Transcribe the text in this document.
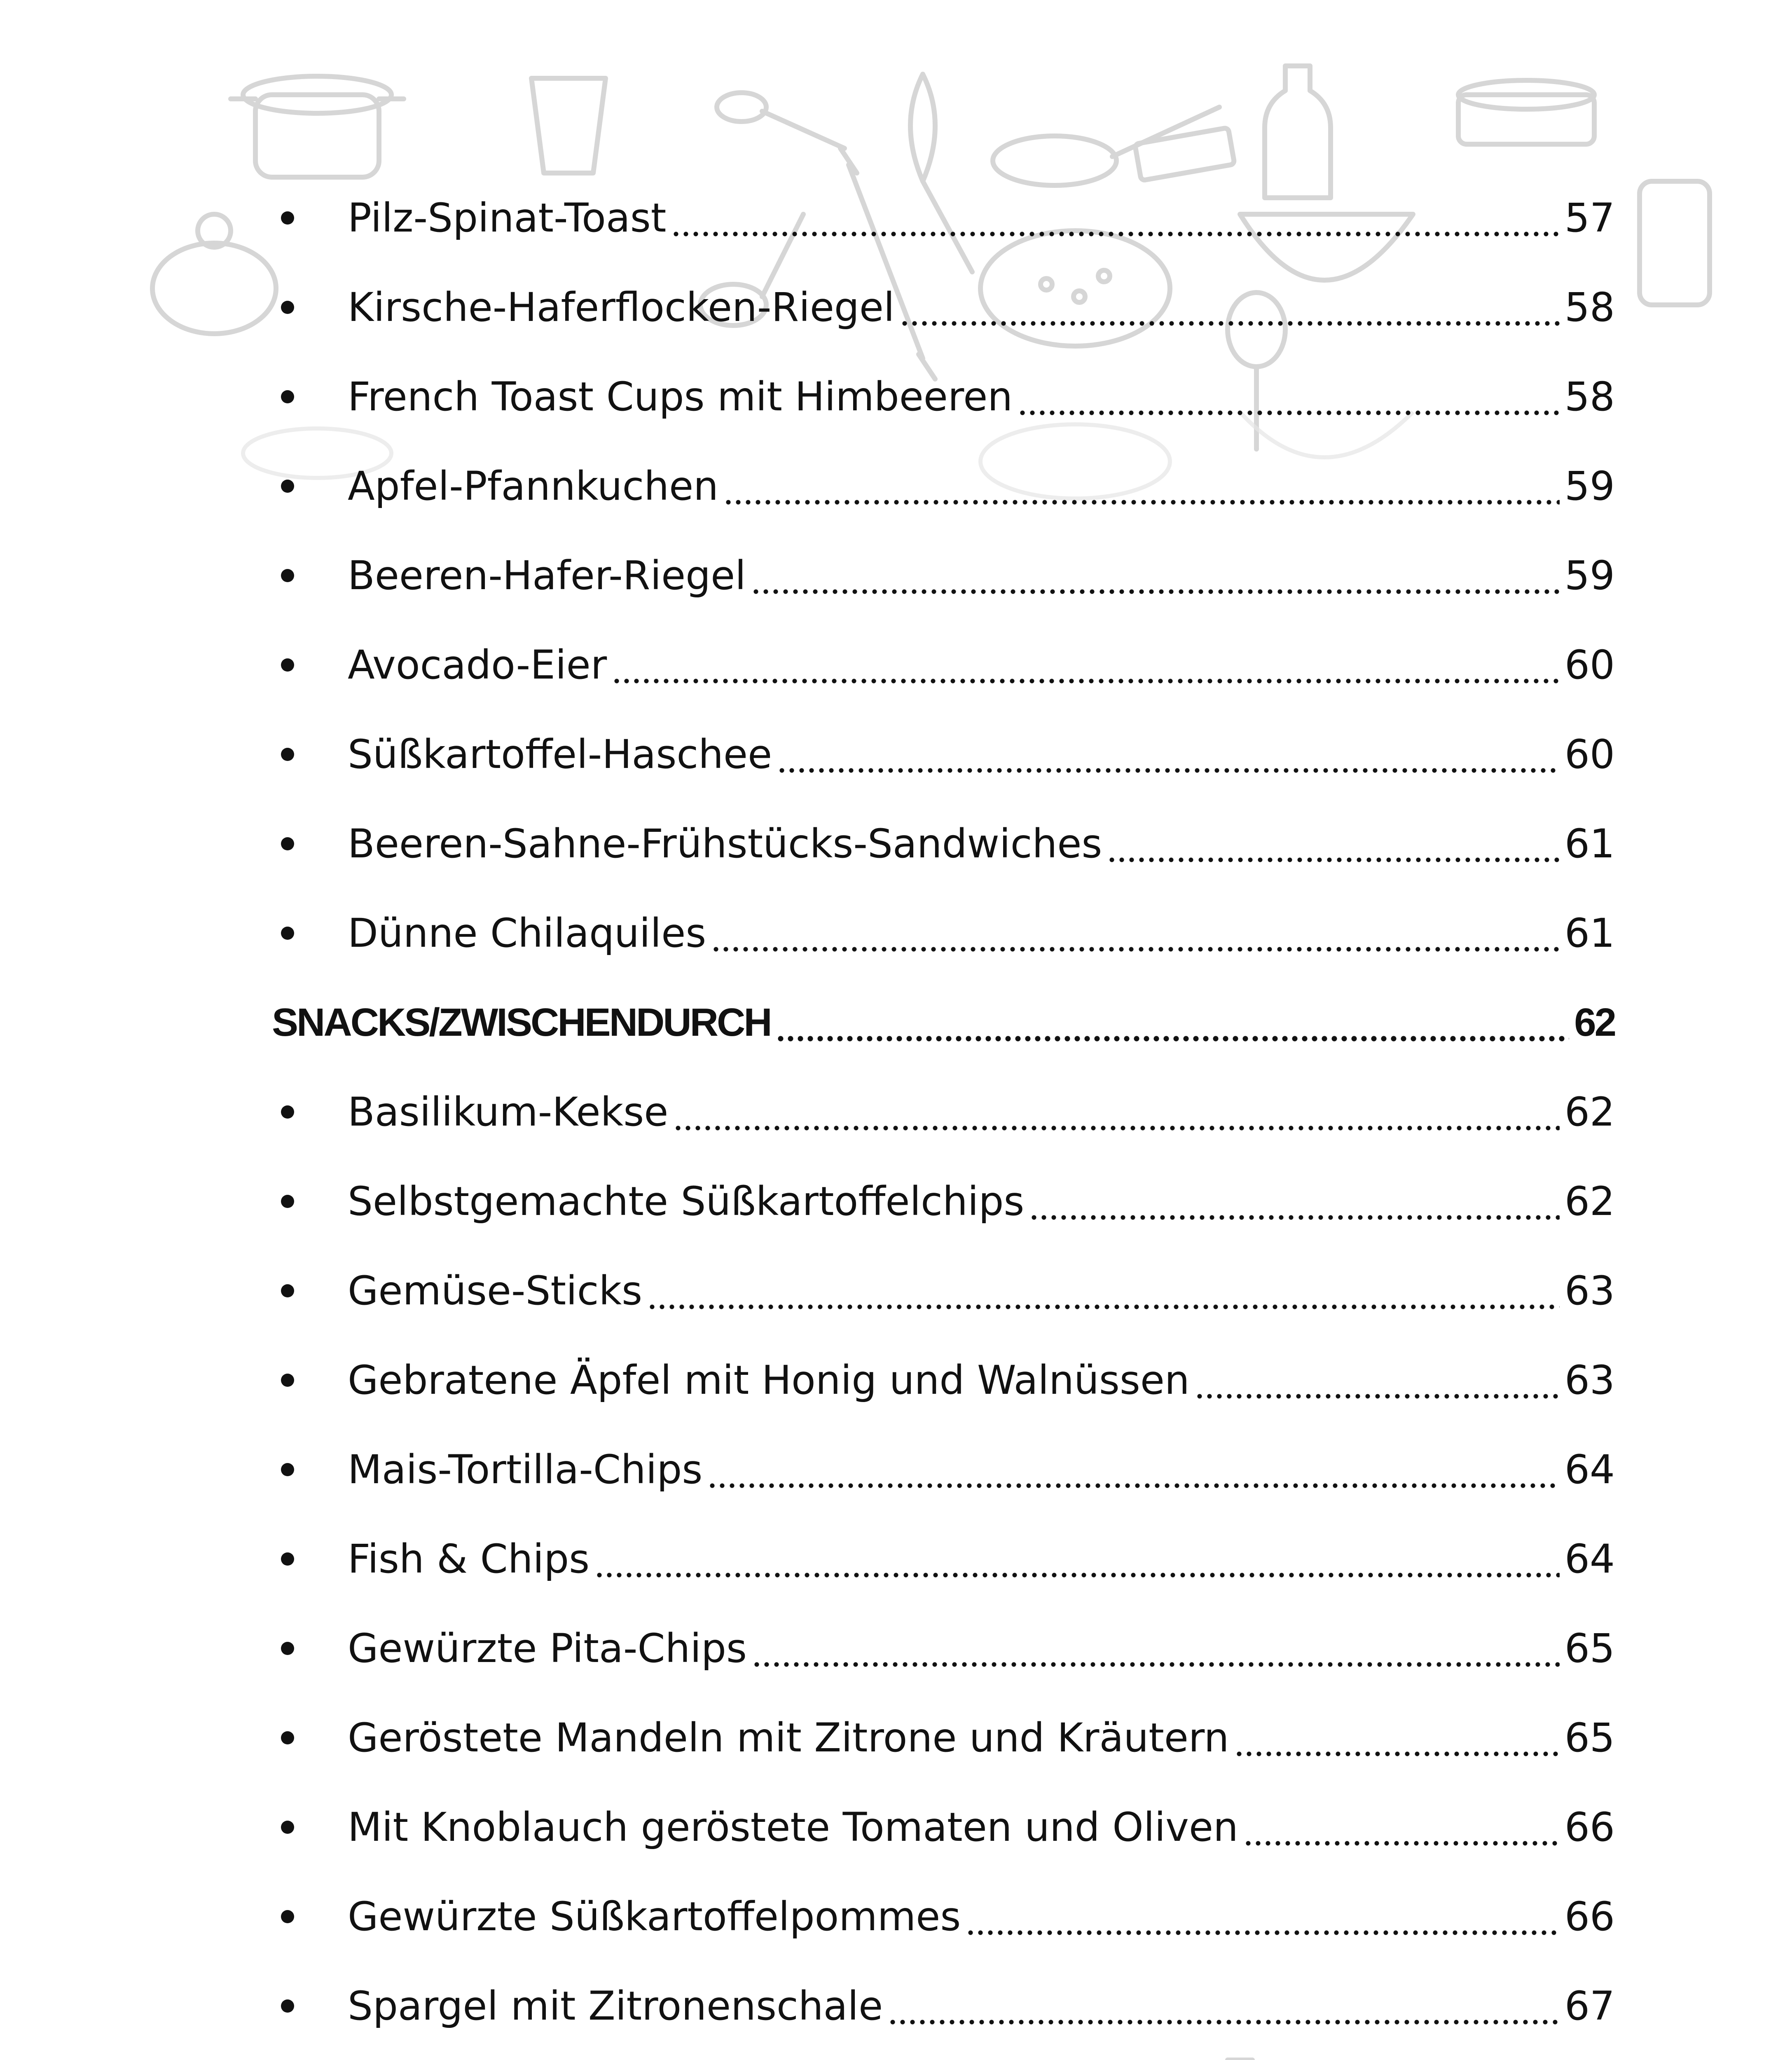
Pilz-Spinat-Toast	57
Kirsche-Haferflocken-Riegel	58
French Toast Cups mit Himbeeren	58
Apfel-Pfannkuchen	59
Beeren-Hafer-Riegel	59
Avocado-Eier	60
Süßkartoffel-Haschee	60
Beeren-Sahne-Frühstücks-Sandwiches	61
Dünne Chilaquiles	61
SNACKS/ZWISCHENDURCH	62
Basilikum-Kekse	62
Selbstgemachte Süßkartoffelchips	62
Gemüse-Sticks	63
Gebratene Äpfel mit Honig und Walnüssen	63
Mais-Tortilla-Chips	64
Fish & Chips	64
Gewürzte Pita-Chips	65
Geröstete Mandeln mit Zitrone und Kräutern	65
Mit Knoblauch geröstete Tomaten und Oliven	66
Gewürzte Süßkartoffelpommes	66
Spargel mit Zitronenschale	67
